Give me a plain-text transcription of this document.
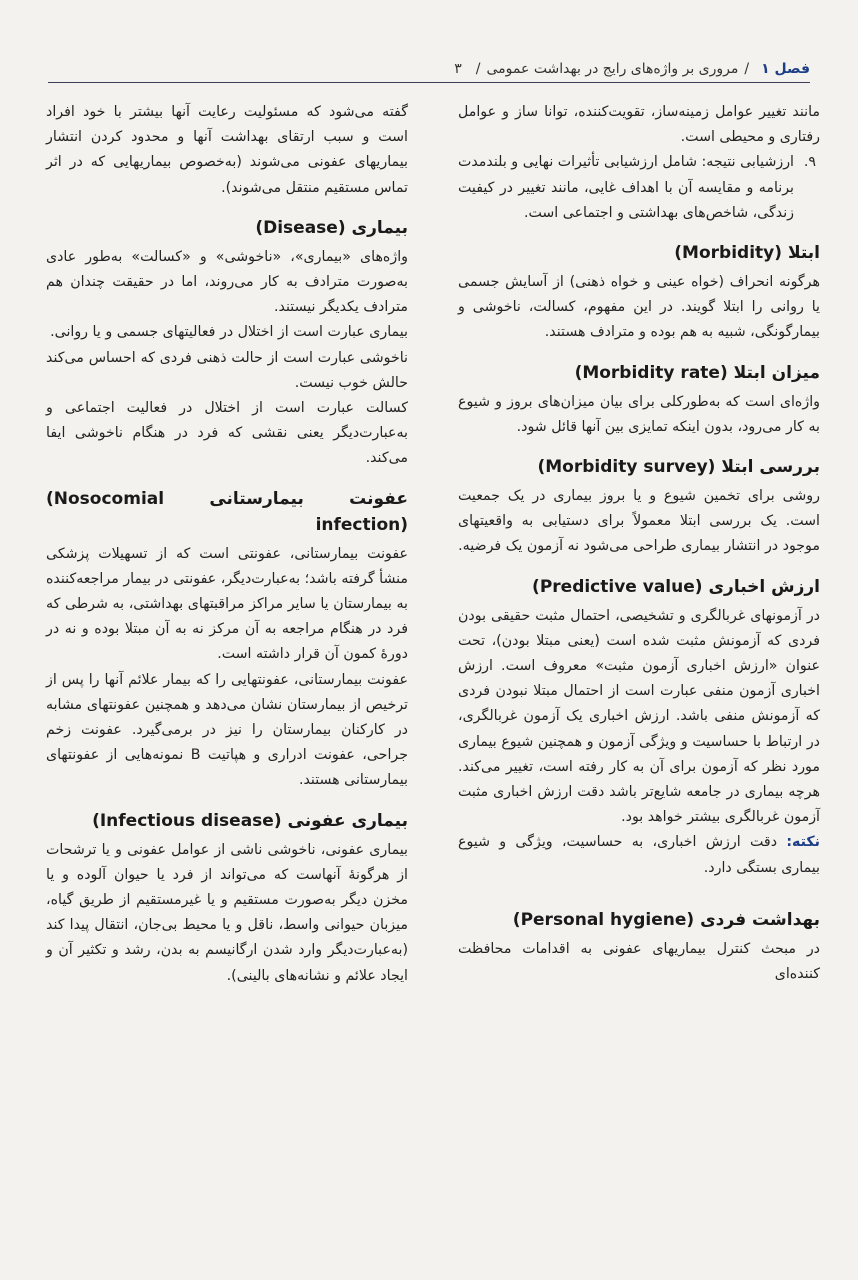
فصل ۱
/
مروری بر واژه‌های رایج در بهداشت عمومی
/
۳

مانند تغییر عوامل زمینه‌ساز، تقویت‌کننده، توانا ساز و عوامل رفتاری و محیطی است.

۹.
ارزشیابی نتیجه: شامل ارزشیابی تأثیرات نهایی و بلندمدت برنامه و مقایسه آن با اهداف غایی، مانند تغییر در کیفیت زندگی، شاخص‌های بهداشتی و اجتماعی است.
ابتلا (Morbidity)

هرگونه انحراف (خواه عینی و خواه ذهنی) از آسایش جسمی یا روانی را ابتلا گویند. در این مفهوم، کسالت، ناخوشی و بیمارگونگی، شبیه به هم بوده و مترادف هستند.

میزان ابتلا (Morbidity rate)

واژه‌ای است که به‌طورکلی برای بیان میزان‌های بروز و شیوع به کار می‌رود، بدون اینکه تمایزی بین آنها قائل شود.

بررسی ابتلا (Morbidity survey)

روشی برای تخمین شیوع و یا بروز بیماری در یک جمعیت است. یک بررسی ابتلا معمولاً برای دستیابی به واقعیتهای موجود در انتشار بیماری طراحی می‌شود نه آزمون یک فرضیه.

ارزش اخباری (Predictive value)

در آزمونهای غربالگری و تشخیصی، احتمال مثبت حقیقی بودن فردی که آزمونش مثبت شده است (یعنی مبتلا بودن)، تحت عنوان «ارزش اخباری آزمون مثبت» معروف است. ارزش اخباری آزمون منفی عبارت است از احتمال مبتلا نبودن فردی که آزمونش منفی باشد. ارزش اخباری یک آزمون غربالگری، در ارتباط با حساسیت و ویژگی آزمون و همچنین شیوع بیماری مورد نظر که آزمون برای آن به کار رفته است، تغییر می‌کند. هرچه بیماری در جامعه شایع‌تر باشد دقت ارزش اخباری مثبت آزمون غربالگری بیشتر خواهد بود.

نکته: دقت ارزش اخباری، به حساسیت، ویژگی و شیوع بیماری بستگی دارد.

بهداشت فردی (Personal hygiene)

در مبحث کنترل بیماریهای عفونی به اقدامات محافظت کننده‌ای

گفته می‌شود که مسئولیت رعایت آنها بیشتر با خود افراد است و سبب ارتقای بهداشت آنها و محدود کردن انتشار بیماریهای عفونی می‌شوند (به‌خصوص بیماریهایی که در اثر تماس مستقیم منتقل می‌شوند).

بیماری (Disease)

واژه‌های «بیماری»، «ناخوشی» و «کسالت» به‌طور عادی به‌صورت مترادف به کار می‌روند، اما در حقیقت چندان هم مترادف یکدیگر نیستند.

بیماری عبارت است از اختلال در فعالیتهای جسمی و یا روانی.

ناخوشی عبارت است از حالت ذهنی فردی که احساس می‌کند حالش خوب نیست.

کسالت عبارت است از اختلال در فعالیت اجتماعی و به‌عبارت‌دیگر یعنی نقشی که فرد در هنگام ناخوشی ایفا می‌کند.

عفونت بیمارستانی (Nosocomial infection)

عفونت بیمارستانی، عفونتی است که از تسهیلات پزشکی منشأ گرفته باشد؛ به‌عبارت‌دیگر، عفونتی در بیمار مراجعه‌کننده به بیمارستان یا سایر مراکز مراقبتهای بهداشتی، به شرطی که فرد در هنگام مراجعه به آن مرکز نه به آن مبتلا بوده و نه در دورهٔ کمون آن قرار داشته است.

عفونت بیمارستانی، عفونتهایی را که بیمار علائم آنها را پس از ترخیص از بیمارستان نشان می‌دهد و همچنین عفونتهای مشابه در کارکنان بیمارستان را نیز در برمی‌گیرد. عفونت زخم جراحی، عفونت ادراری و هپاتیت B نمونه‌هایی از عفونتهای بیمارستانی هستند.

بیماری عفونی (Infectious disease)

بیماری عفونی، ناخوشی ناشی از عوامل عفونی و یا ترشحات از هرگونهٔ آنهاست که می‌تواند از فرد یا حیوان آلوده و یا مخزن دیگر به‌صورت مستقیم و یا غیرمستقیم از طریق گیاه، میزبان حیوانی واسط، ناقل و یا محیط بی‌جان، انتقال پیدا کند (به‌عبارت‌دیگر وارد شدن ارگانیسم به بدن، رشد و تکثیر آن و ایجاد علائم و نشانه‌های بالینی).
